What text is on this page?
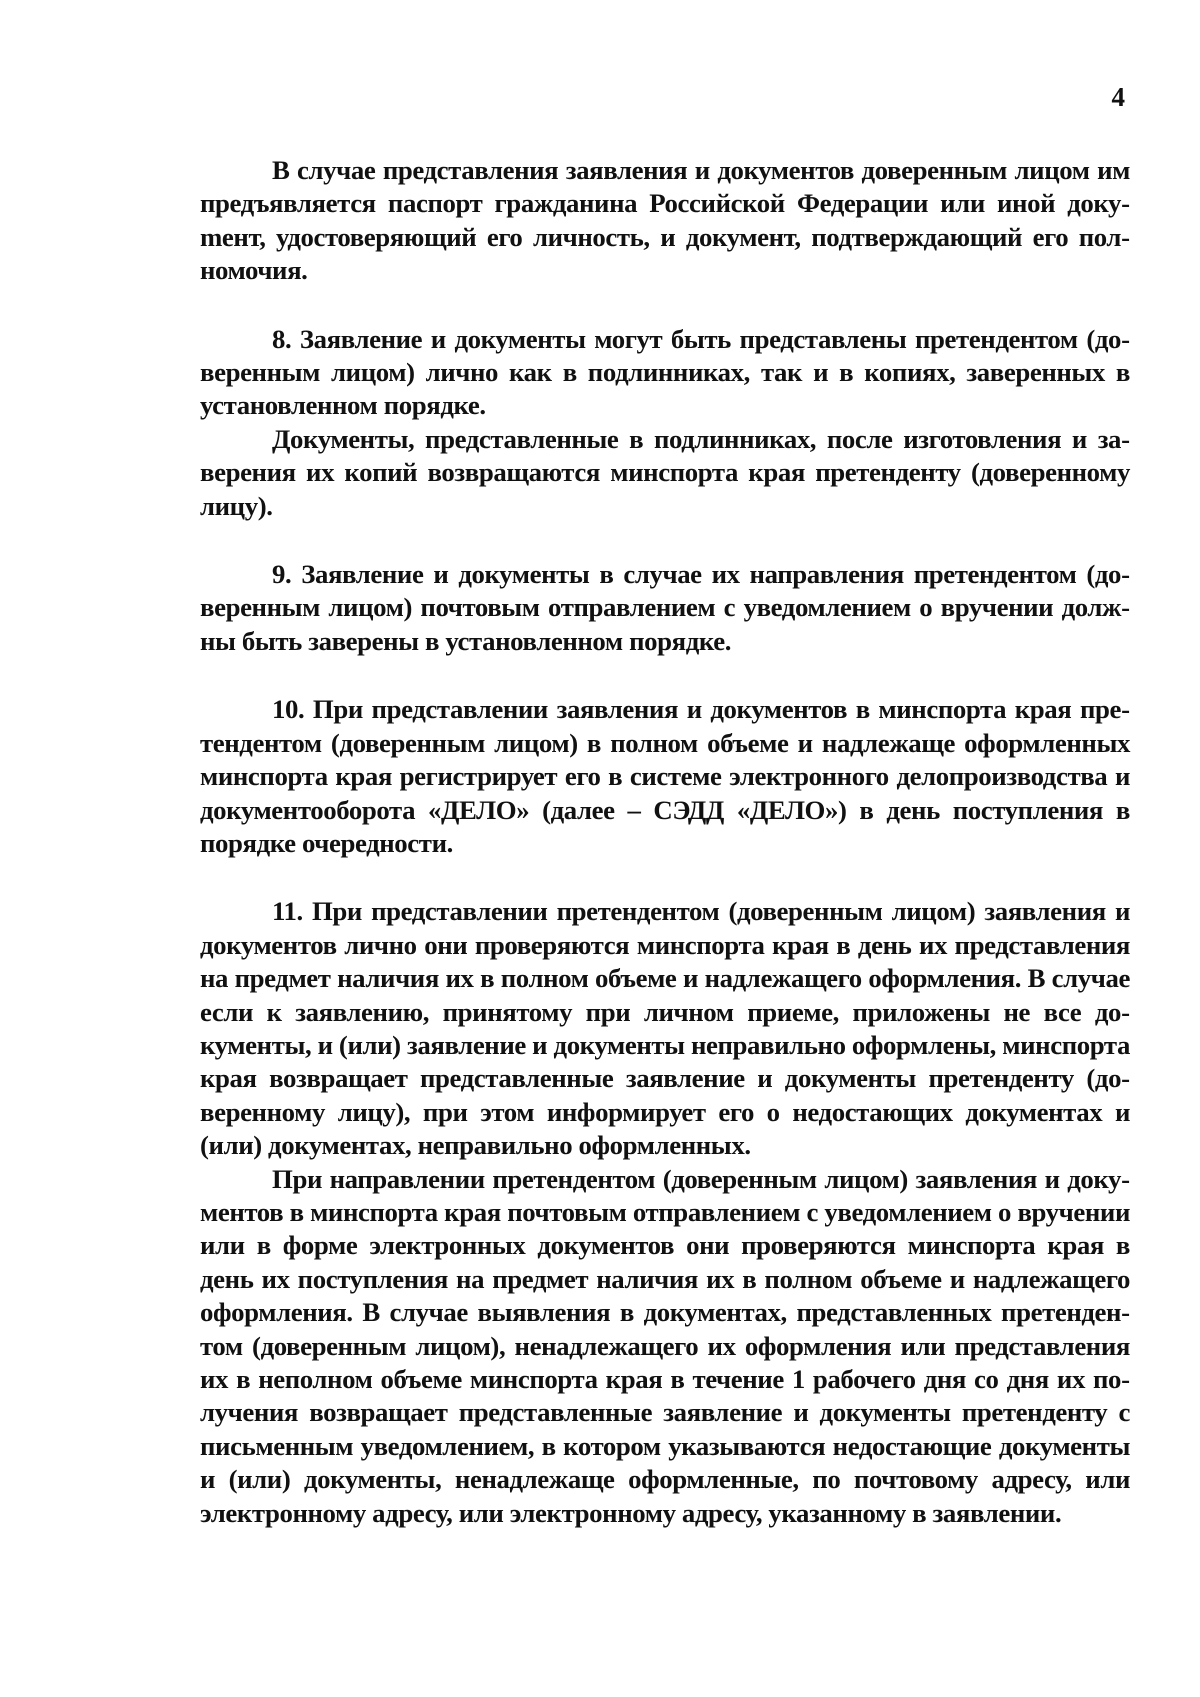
4

В случае представления заявления и документов доверенным лицом им предъявляется паспорт гражданина Российской Федерации или иной докуmент, удостоверяющий его личность, и документ, подтверждающий его полномочия.

8. Заявление и документы могут быть представлены претендентом (доверенным лицом) лично как в подлинниках, так и в копиях, заверенных в установленном порядке.

Документы, представленные в подлинниках, после изготовления и заверения их копий возвращаются минспорта края претенденту (доверенному лицу).

9. Заявление и документы в случае их направления претендентом (доверенным лицом) почтовым отправлением с уведомлением о вручении должны быть заверены в установленном порядке.

10. При представлении заявления и документов в минспорта края претендентом (доверенным лицом) в полном объеме и надлежаще оформленных минспорта края регистрирует его в системе электронного делопроизводства и документооборота «ДЕЛО» (далее – СЭДД «ДЕЛО») в день поступления в порядке очередности.

11. При представлении претендентом (доверенным лицом) заявления и документов лично они проверяются минспорта края в день их представления на предмет наличия их в полном объеме и надлежащего оформления. В случае если к заявлению, принятому при личном приеме, приложены не все документы, и (или) заявление и документы неправильно оформлены, минспорта края возвращает представленные заявление и документы претенденту (доверенному лицу), при этом информирует его о недостающих документах и (или) документах, неправильно оформленных.

При направлении претендентом (доверенным лицом) заявления и документов в минспорта края почтовым отправлением с уведомлением о вручении или в форме электронных документов они проверяются минспорта края в день их поступления на предмет наличия их в полном объеме и надлежащего оформления. В случае выявления в документах, представленных претендентом (доверенным лицом), ненадлежащего их оформления или представления их в неполном объеме минспорта края в течение 1 рабочего дня со дня их получения возвращает представленные заявление и документы претенденту с письменным уведомлением, в котором указываются недостающие документы и (или) документы, ненадлежаще оформленные, по почтовому адресу, или электронному адресу, или электронному адресу, указанному в заявлении.
